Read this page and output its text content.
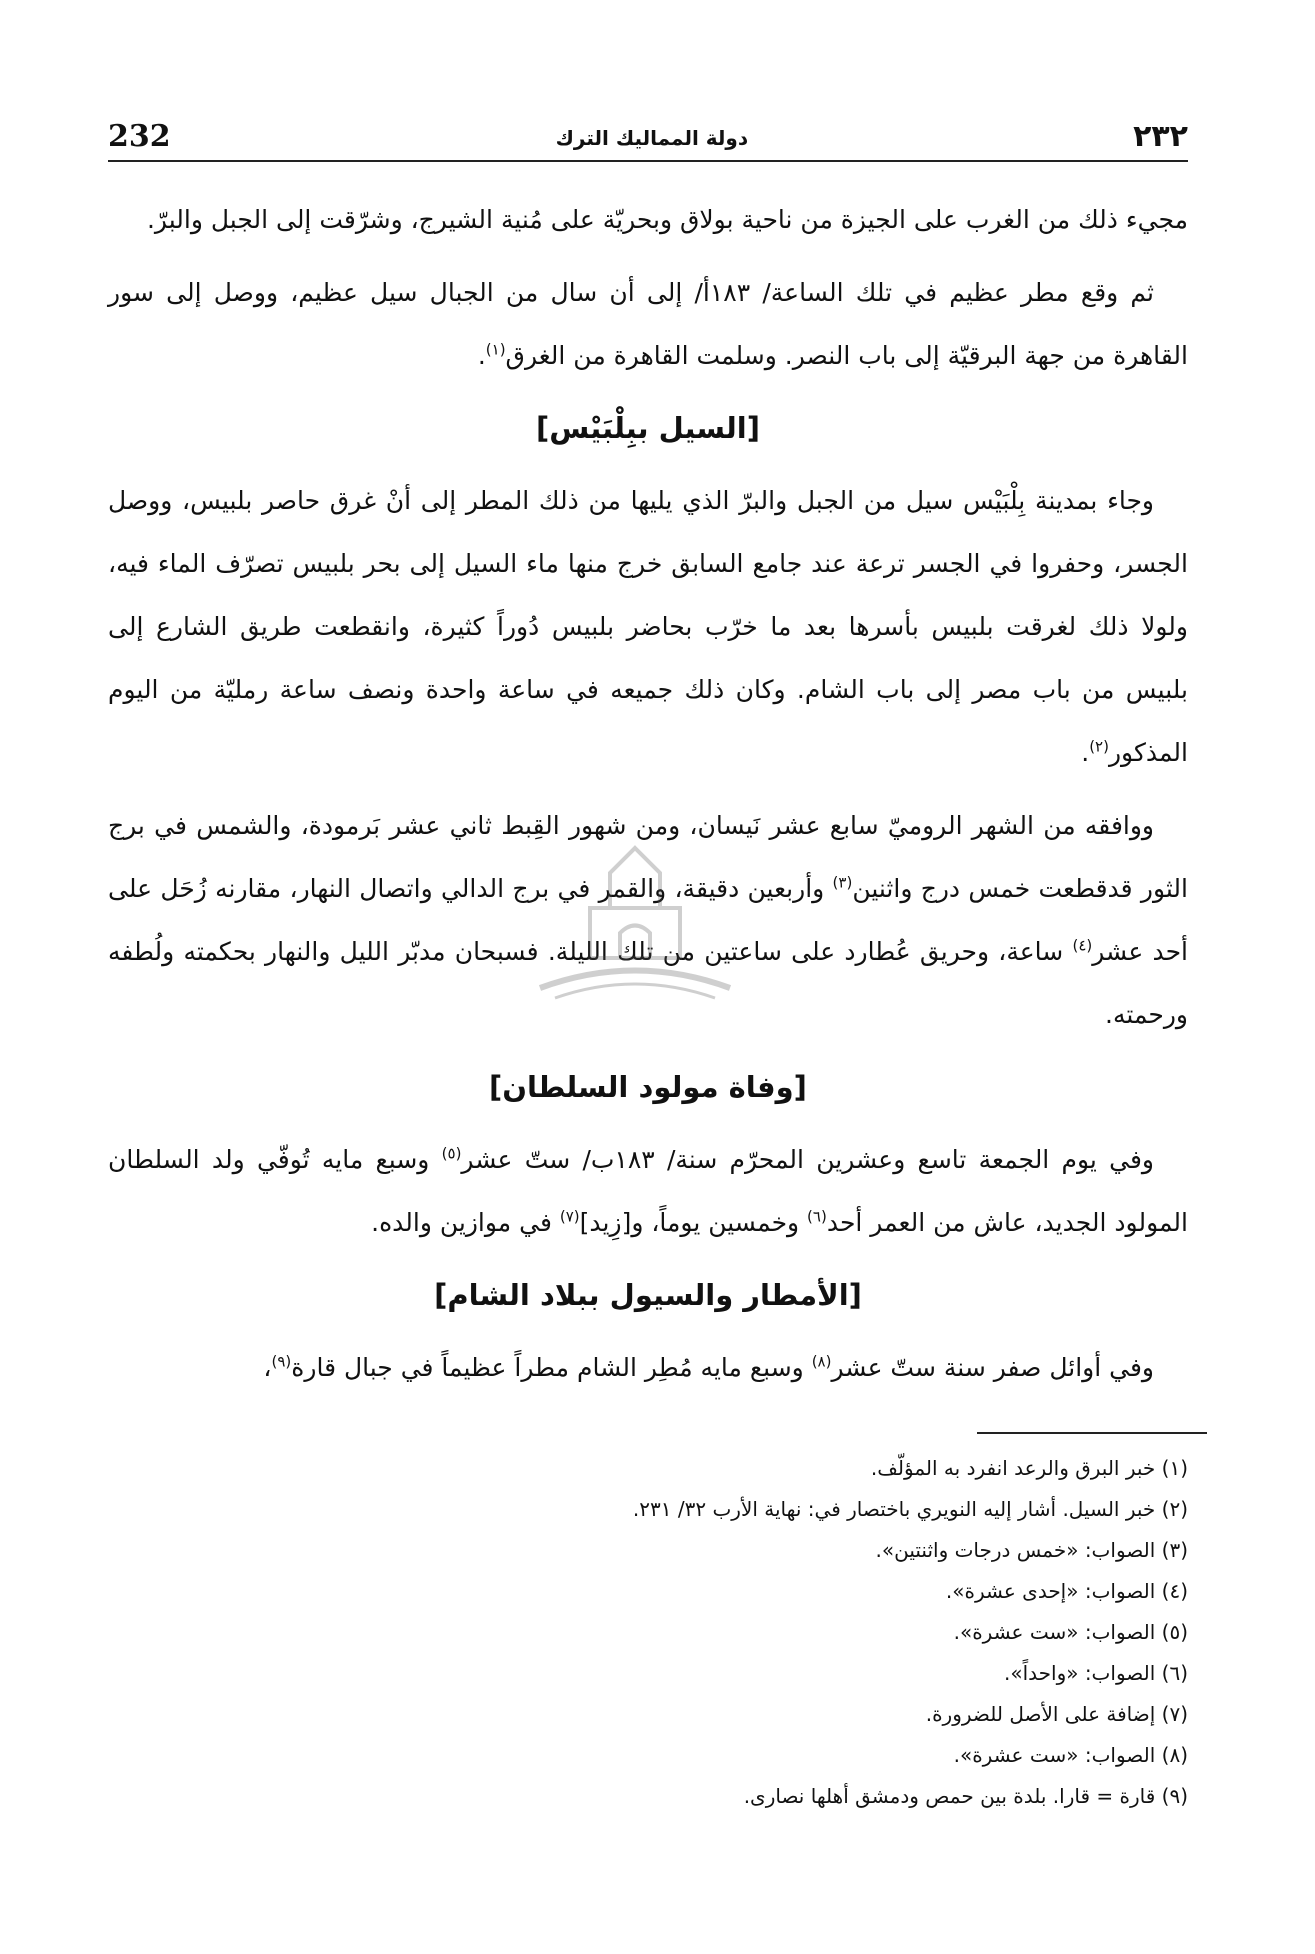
232	دولة المماليك الترك	٢٣٢

مجيء ذلك من الغرب على الجيزة من ناحية بولاق وبحريّة على مُنية الشيرج، وشرّقت إلى الجبل والبرّ.

ثم وقع مطر عظيم في تلك الساعة/ ١٨٣أ/ إلى أن سال من الجبال سيل عظيم، ووصل إلى سور القاهرة من جهة البرقيّة إلى باب النصر. وسلمت القاهرة من الغرق$^{(١)}$.

[السيل ببِلْبَيْس]

وجاء بمدينة بِلْبَيْس سيل من الجبل والبرّ الذي يليها من ذلك المطر إلى أنْ غرق حاصر بلبيس، ووصل الجسر، وحفروا في الجسر ترعة عند جامع السابق خرج منها ماء السيل إلى بحر بلبيس تصرّف الماء فيه، ولولا ذلك لغرقت بلبيس بأسرها بعد ما خرّب بحاضر بلبيس دُوراً كثيرة، وانقطعت طريق الشارع إلى بلبيس من باب مصر إلى باب الشام. وكان ذلك جميعه في ساعة واحدة ونصف ساعة رمليّة من اليوم المذكور$^{(٢)}$.

ووافقه من الشهر الروميّ سابع عشر نَيسان، ومن شهور القِبط ثاني عشر بَرمودة، والشمس في برج الثور قدقطعت خمس درج واثنين$^{(٣)}$ وأربعين دقيقة، والقمر في برج الدالي واتصال النهار، مقارنه زُحَل على أحد عشر$^{(٤)}$ ساعة، وحريق عُطارد على ساعتين من تلك الليلة. فسبحان مدبّر الليل والنهار بحكمته ولُطفه ورحمته.

[وفاة مولود السلطان]

وفي يوم الجمعة تاسع وعشرين المحرّم سنة/ ١٨٣ب/ ستّ عشر$^{(٥)}$ وسبع مايه تُوفّي ولد السلطان المولود الجديد، عاش من العمر أحد$^{(٦)}$ وخمسين يوماً، و[زِيد]$^{(٧)}$ في موازين والده.

[الأمطار والسيول ببلاد الشام]

وفي أوائل صفر سنة ستّ عشر$^{(٨)}$ وسبع مايه مُطِر الشام مطراً عظيماً في جبال قارة$^{(٩)}$،

(١) خبر البرق والرعد انفرد به المؤلّف.
(٢) خبر السيل. أشار إليه النويري باختصار في: نهاية الأرب ٣٢/ ٢٣١.
(٣) الصواب: «خمس درجات واثنتين».
(٤) الصواب: «إحدى عشرة».
(٥) الصواب: «ست عشرة».
(٦) الصواب: «واحداً».
(٧) إضافة على الأصل للضرورة.
(٨) الصواب: «ست عشرة».
(٩) قارة = قارا. بلدة بين حمص ودمشق أهلها نصارى.
